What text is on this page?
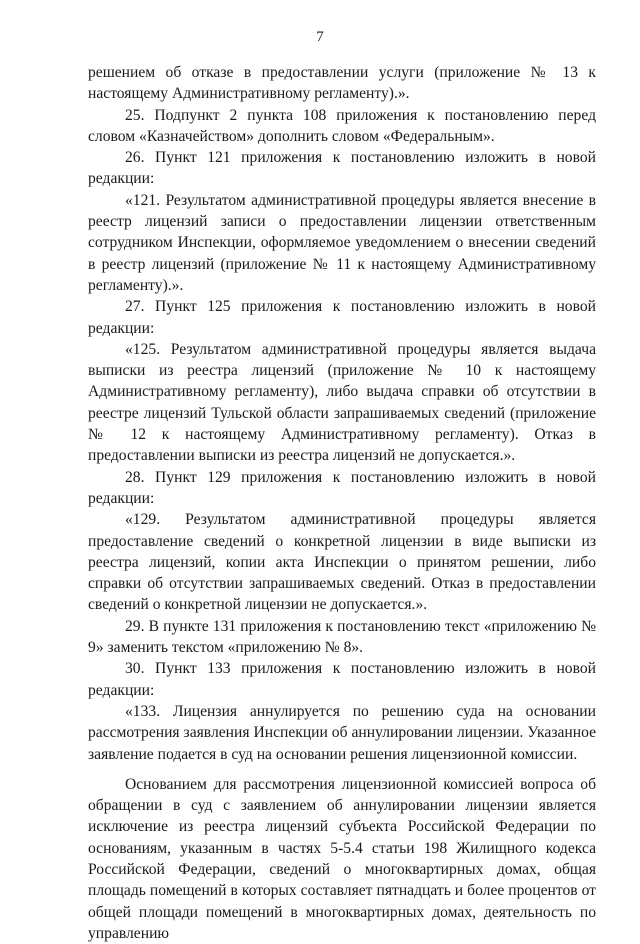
7

решением об отказе в предоставлении услуги (приложение № 13 к настоящему Административному регламенту).».

25. Подпункт 2 пункта 108 приложения к постановлению перед словом «Казначейством» дополнить словом «Федеральным».

26. Пункт 121 приложения к постановлению изложить в новой редакции:

«121. Результатом административной процедуры является внесение в реестр лицензий записи о предоставлении лицензии ответственным сотрудником Инспекции, оформляемое уведомлением о внесении сведений в реестр лицензий (приложение № 11 к настоящему Административному регламенту).».

27. Пункт 125 приложения к постановлению изложить в новой редакции:

«125. Результатом административной процедуры является выдача выписки из реестра лицензий (приложение № 10 к настоящему Административному регламенту), либо выдача справки об отсутствии в реестре лицензий Тульской области запрашиваемых сведений (приложение № 12 к настоящему Административному регламенту). Отказ в предоставлении выписки из реестра лицензий не допускается.».

28. Пункт 129 приложения к постановлению изложить в новой редакции:

«129. Результатом административной процедуры является предоставление сведений о конкретной лицензии в виде выписки из реестра лицензий, копии акта Инспекции о принятом решении, либо справки об отсутствии запрашиваемых сведений. Отказ в предоставлении сведений о конкретной лицензии не допускается.».

29. В пункте 131 приложения к постановлению текст «приложению № 9» заменить текстом «приложению № 8».

30. Пункт 133 приложения к постановлению изложить в новой редакции:

«133. Лицензия аннулируется по решению суда на основании рассмотрения заявления Инспекции об аннулировании лицензии. Указанное заявление подается в суд на основании решения лицензионной комиссии.

Основанием для рассмотрения лицензионной комиссией вопроса об обращении в суд с заявлением об аннулировании лицензии является исключение из реестра лицензий субъекта Российской Федерации по основаниям, указанным в частях 5-5.4 статьи 198 Жилищного кодекса Российской Федерации, сведений о многоквартирных домах, общая площадь помещений в которых составляет пятнадцать и более процентов от общей площади помещений в многоквартирных домах, деятельность по управлению
